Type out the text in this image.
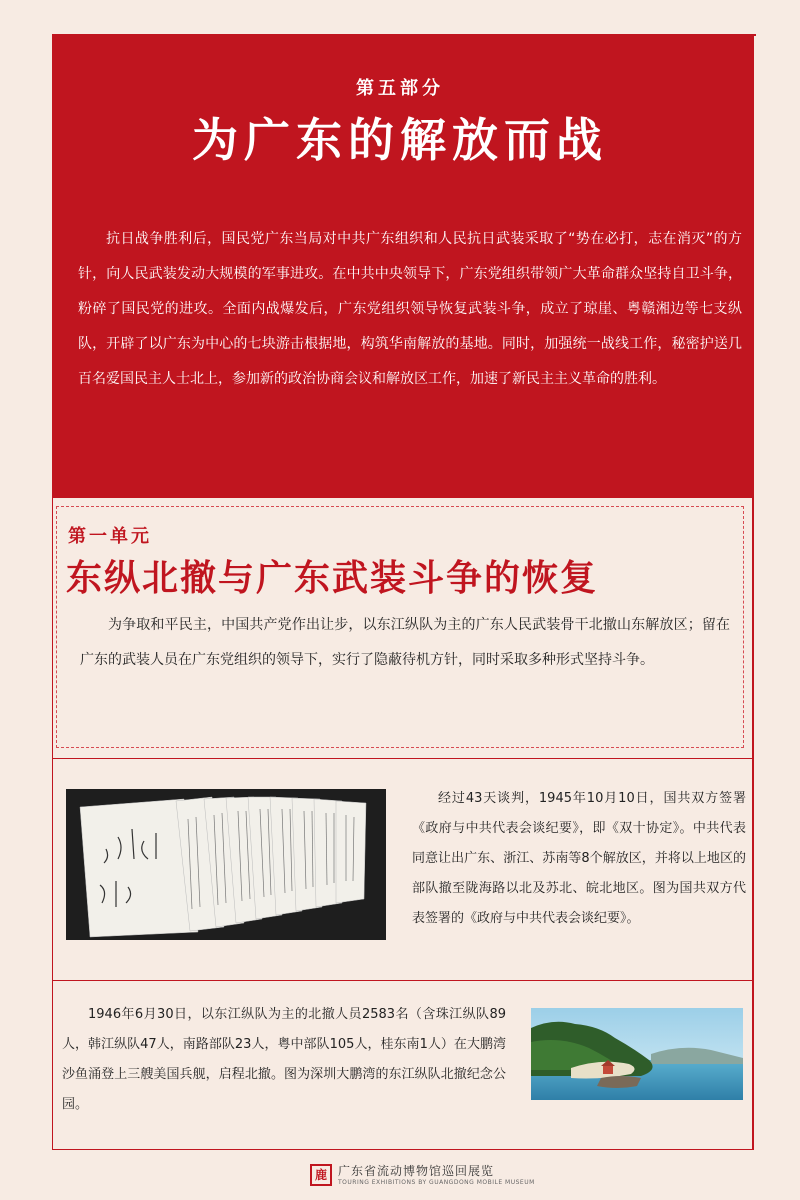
第五部分
为广东的解放而战
抗日战争胜利后，国民党广东当局对中共广东组织和人民抗日武装采取了“势在必打，志在消灭”的方针，向人民武装发动大规模的军事进攻。在中共中央领导下，广东党组织带领广大革命群众坚持自卫斗争，粉碎了国民党的进攻。全面内战爆发后，广东党组织领导恢复武装斗争，成立了琼崖、粤赣湘边等七支纵队，开辟了以广东为中心的七块游击根据地，构筑华南解放的基地。同时，加强统一战线工作，秘密护送几百名爱国民主人士北上，参加新的政治协商会议和解放区工作，加速了新民主主义革命的胜利。
第一单元
东纵北撤与广东武装斗争的恢复
为争取和平民主，中国共产党作出让步，以东江纵队为主的广东人民武装骨干北撤山东解放区；留在广东的武装人员在广东党组织的领导下，实行了隐蔽待机方针，同时采取多种形式坚持斗争。
经过43天谈判，1945年10月10日，国共双方签署《政府与中共代表会谈纪要》，即《双十协定》。中共代表同意让出广东、浙江、苏南等8个解放区，并将以上地区的部队撤至陇海路以北及苏北、皖北地区。图为国共双方代表签署的《政府与中共代表会谈纪要》。
1946年6月30日，以东江纵队为主的北撤人员2583名（含珠江纵队89人，韩江纵队47人，南路部队23人，粤中部队105人，桂东南1人）在大鹏湾沙鱼涌登上三艘美国兵舰，启程北撤。图为深圳大鹏湾的东江纵队北撤纪念公园。
鹿 广东省流动博物馆巡回展览
TOURING EXHIBITIONS BY GUANGDONG MOBILE MUSEUM
